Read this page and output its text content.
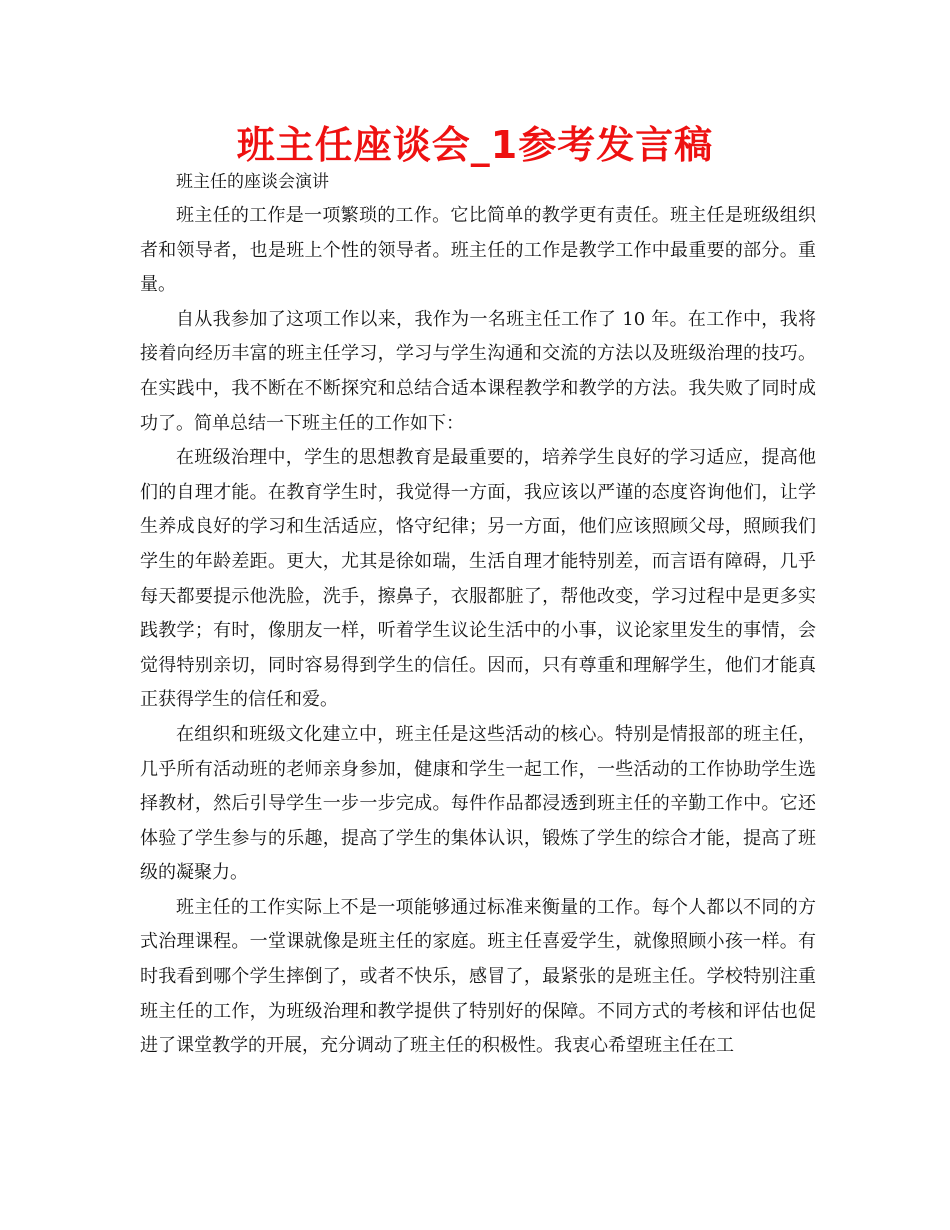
班主任座谈会_1参考发言稿

班主任的座谈会演讲

班主任的工作是一项繁琐的工作。它比简单的教学更有责任。班主任是班级组织者和领导者，也是班上个性的领导者。班主任的工作是教学工作中最重要的部分。重量。

自从我参加了这项工作以来，我作为一名班主任工作了 10 年。在工作中，我将接着向经历丰富的班主任学习，学习与学生沟通和交流的方法以及班级治理的技巧。在实践中，我不断在不断探究和总结合适本课程教学和教学的方法。我失败了同时成功了。简单总结一下班主任的工作如下：

在班级治理中，学生的思想教育是最重要的，培养学生良好的学习适应，提高他们的自理才能。在教育学生时，我觉得一方面，我应该以严谨的态度咨询他们，让学生养成良好的学习和生活适应，恪守纪律；另一方面，他们应该照顾父母，照顾我们学生的年龄差距。更大，尤其是徐如瑞，生活自理才能特别差，而言语有障碍，几乎每天都要提示他洗脸，洗手，擦鼻子，衣服都脏了，帮他改变，学习过程中是更多实践教学；有时，像朋友一样，听着学生议论生活中的小事，议论家里发生的事情，会觉得特别亲切，同时容易得到学生的信任。因而，只有尊重和理解学生，他们才能真正获得学生的信任和爱。

在组织和班级文化建立中，班主任是这些活动的核心。特别是情报部的班主任，几乎所有活动班的老师亲身参加，健康和学生一起工作，一些活动的工作协助学生选择教材，然后引导学生一步一步完成。每件作品都浸透到班主任的辛勤工作中。它还体验了学生参与的乐趣，提高了学生的集体认识，锻炼了学生的综合才能，提高了班级的凝聚力。

班主任的工作实际上不是一项能够通过标准来衡量的工作。每个人都以不同的方式治理课程。一堂课就像是班主任的家庭。班主任喜爱学生，就像照顾小孩一样。有时我看到哪个学生摔倒了，或者不快乐，感冒了，最紧张的是班主任。学校特别注重班主任的工作，为班级治理和教学提供了特别好的保障。不同方式的考核和评估也促进了课堂教学的开展，充分调动了班主任的积极性。我衷心希望班主任在工
